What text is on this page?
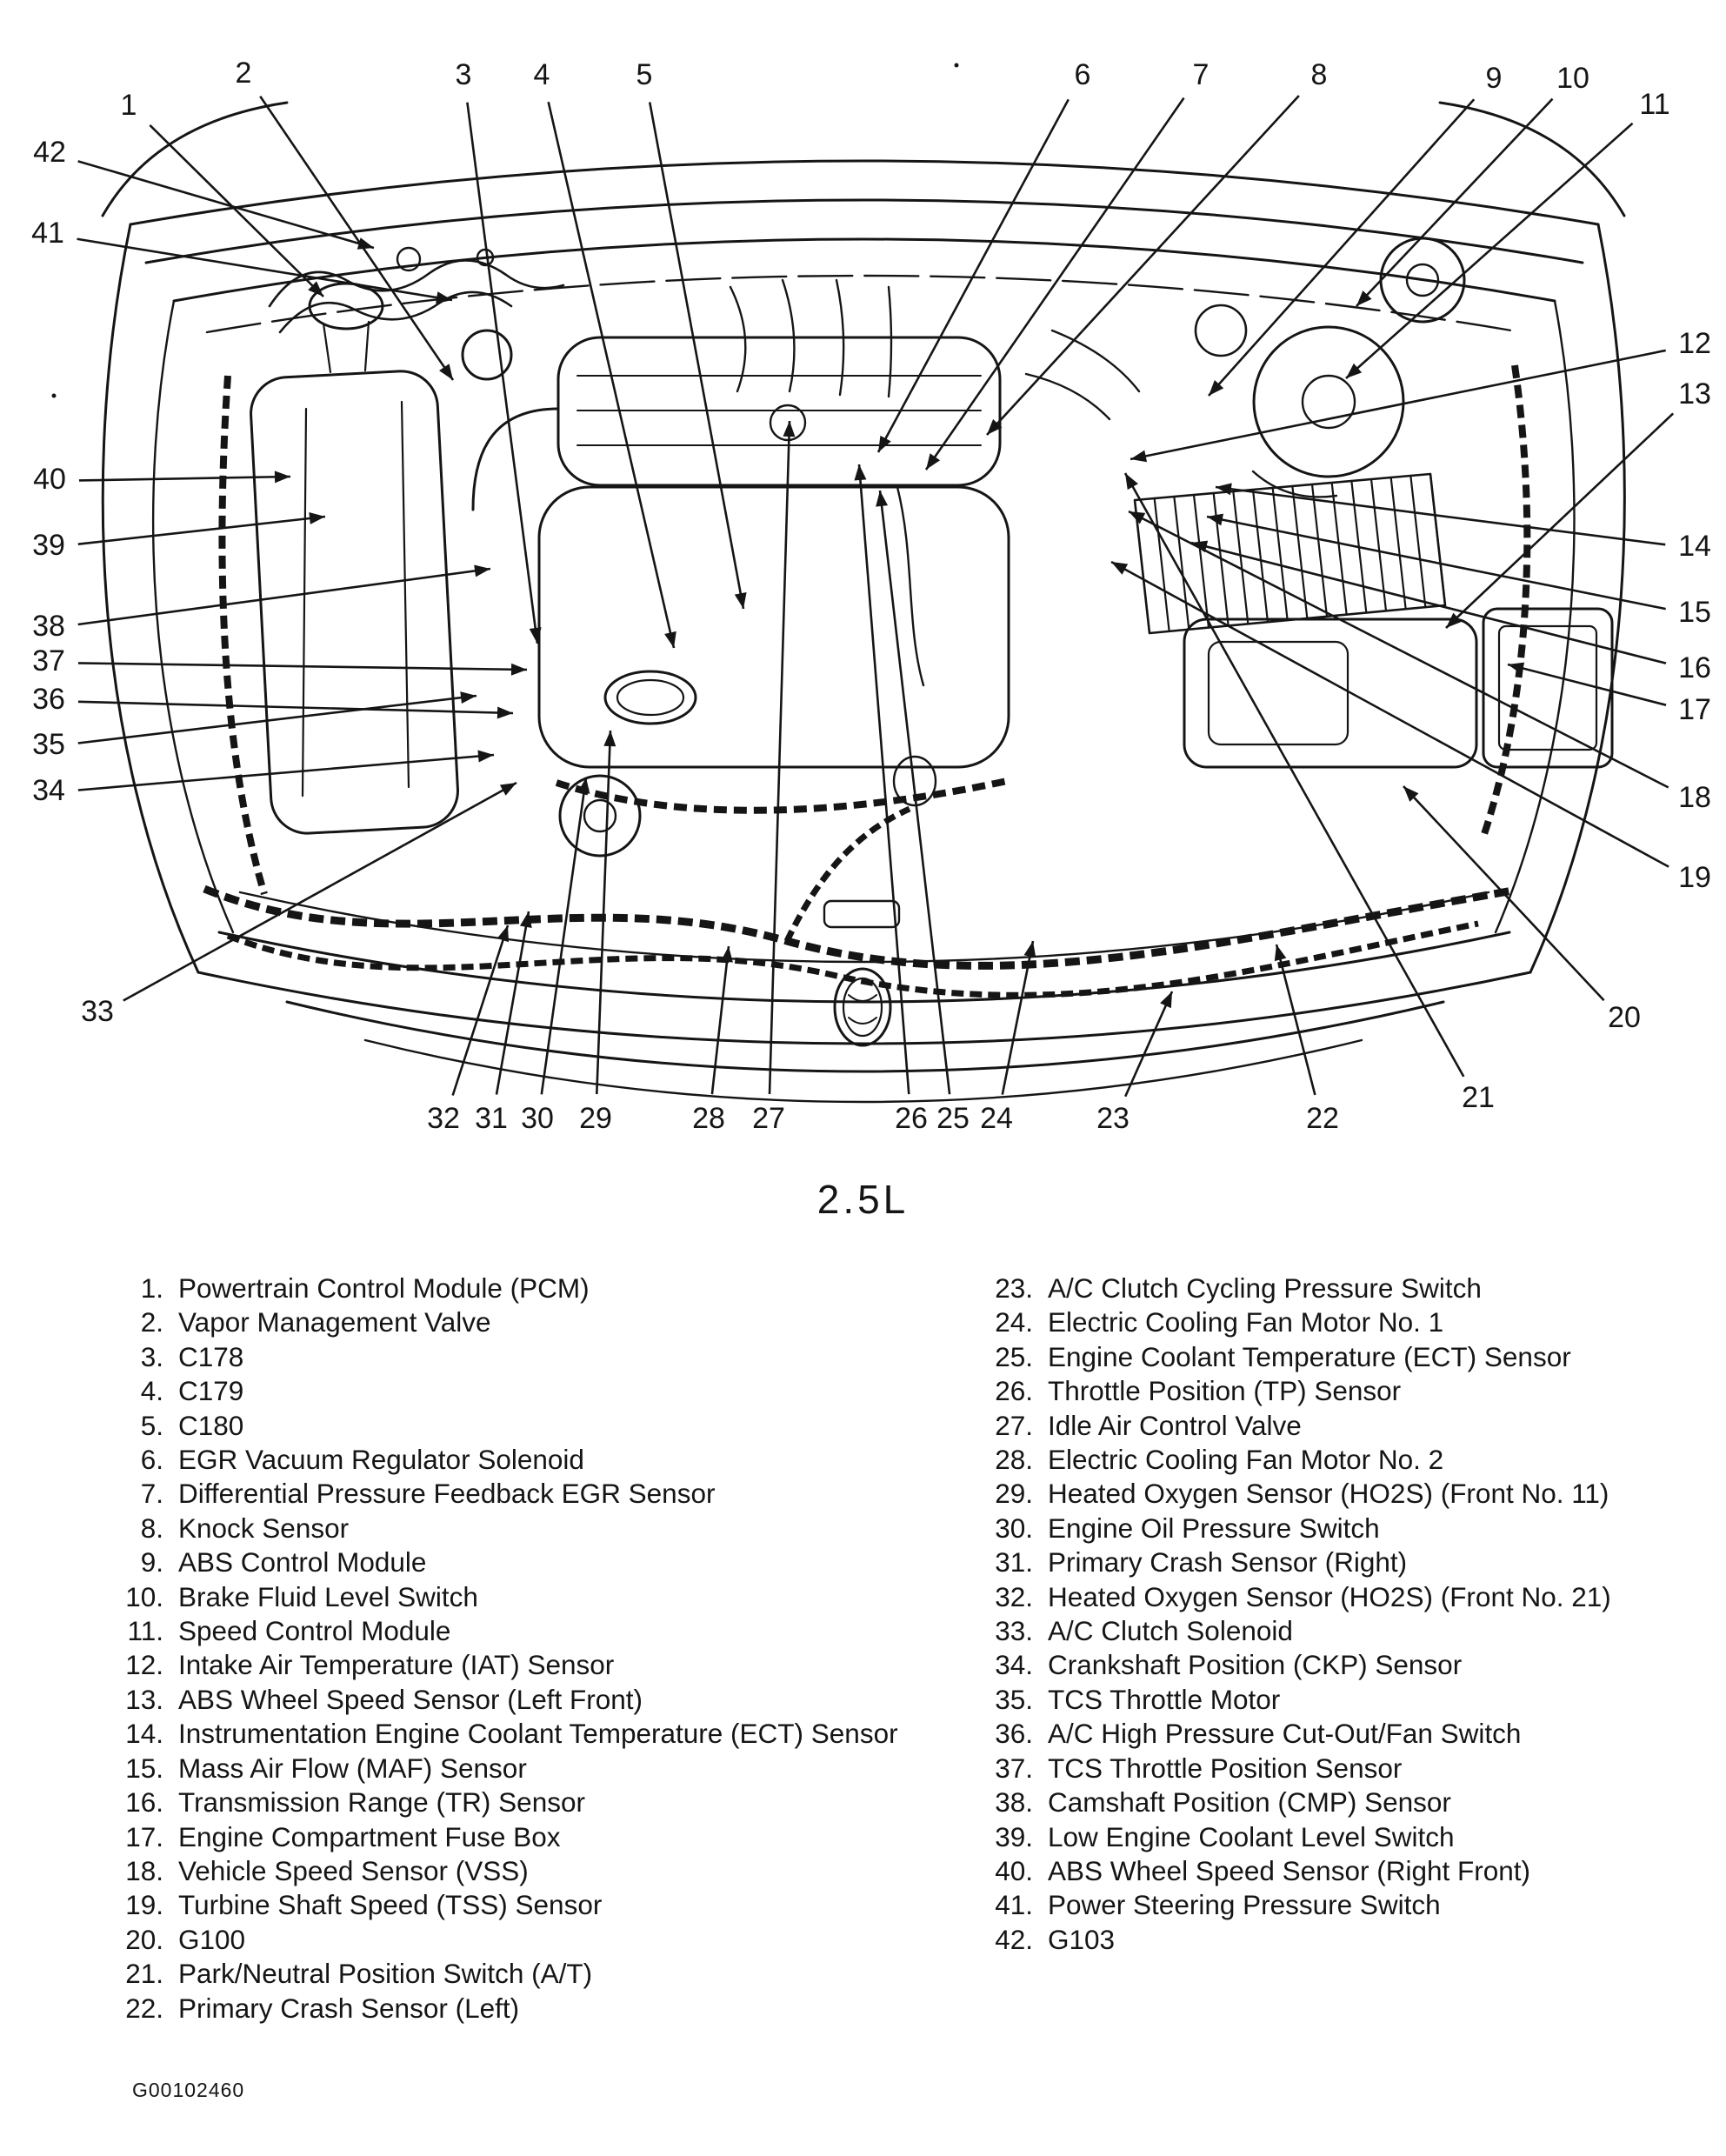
1
2	3 4	5	6	7	8	9 10
11
12
13
14
15
16
17
18
19
20
21
22
23
24
25
26
27
28
29
30
31
32
33
34
35
36
37
38
39
40
41
42
2.5L
1. Powertrain Control Module (PCM)
2. Vapor Management Valve
3. C178
4. C179
5. C180
6. EGR Vacuum Regulator Solenoid
7. Differential Pressure Feedback EGR Sensor
8. Knock Sensor
9. ABS Control Module
10. Brake Fluid Level Switch
11. Speed Control Module
12. Intake Air Temperature (IAT) Sensor
13. ABS Wheel Speed Sensor (Left Front)
14. Instrumentation Engine Coolant Temperature (ECT) Sensor
15. Mass Air Flow (MAF) Sensor
16. Transmission Range (TR) Sensor
17. Engine Compartment Fuse Box
18. Vehicle Speed Sensor (VSS)
19. Turbine Shaft Speed (TSS) Sensor
20. G100
21. Park/Neutral Position Switch (A/T)
22. Primary Crash Sensor (Left)
23. A/C Clutch Cycling Pressure Switch
24. Electric Cooling Fan Motor No. 1
25. Engine Coolant Temperature (ECT) Sensor
26. Throttle Position (TP) Sensor
27. Idle Air Control Valve
28. Electric Cooling Fan Motor No. 2
29. Heated Oxygen Sensor (HO2S) (Front No. 11)
30. Engine Oil Pressure Switch
31. Primary Crash Sensor (Right)
32. Heated Oxygen Sensor (HO2S) (Front No. 21)
33. A/C Clutch Solenoid
34. Crankshaft Position (CKP) Sensor
35. TCS Throttle Motor
36. A/C High Pressure Cut-Out/Fan Switch
37. TCS Throttle Position Sensor
38. Camshaft Position (CMP) Sensor
39. Low Engine Coolant Level Switch
40. ABS Wheel Speed Sensor (Right Front)
41. Power Steering Pressure Switch
42. G103
G00102460
